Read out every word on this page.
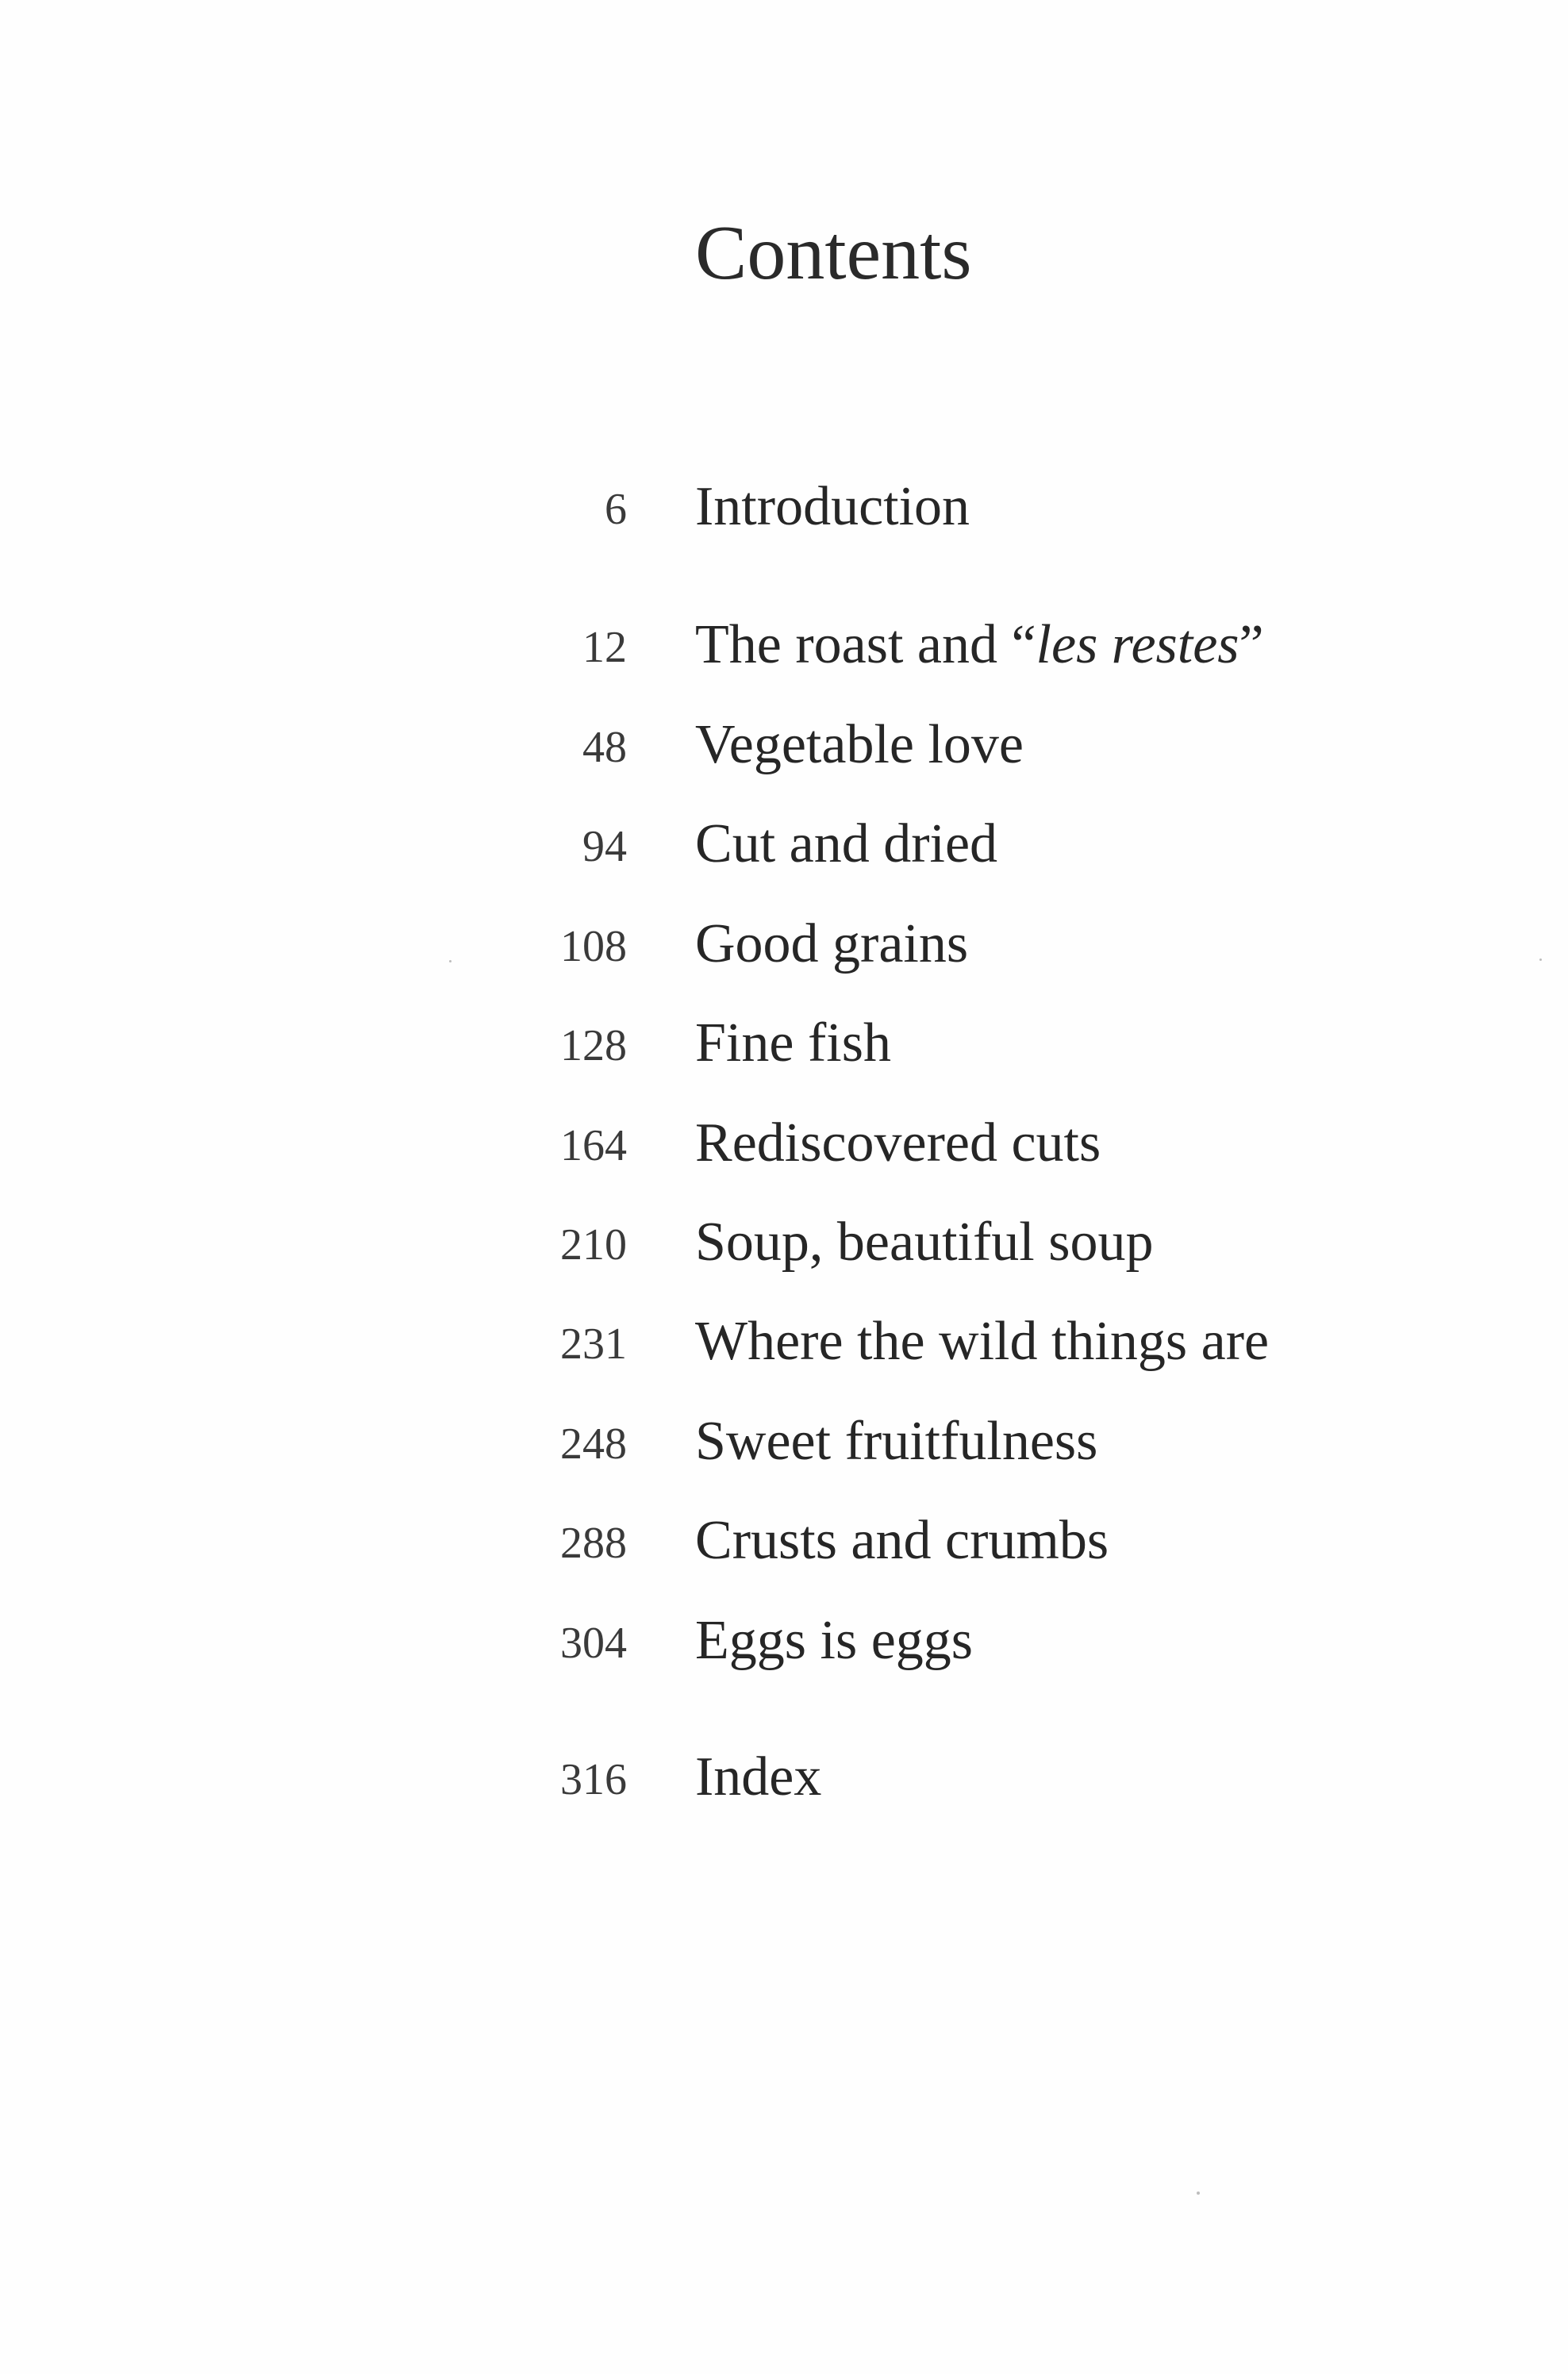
Contents
6 Introduction
12 The roast and “les restes”
48 Vegetable love
94 Cut and dried
108 Good grains
128 Fine fish
164 Rediscovered cuts
210 Soup, beautiful soup
231 Where the wild things are
248 Sweet fruitfulness
288 Crusts and crumbs
304 Eggs is eggs
316 Index
